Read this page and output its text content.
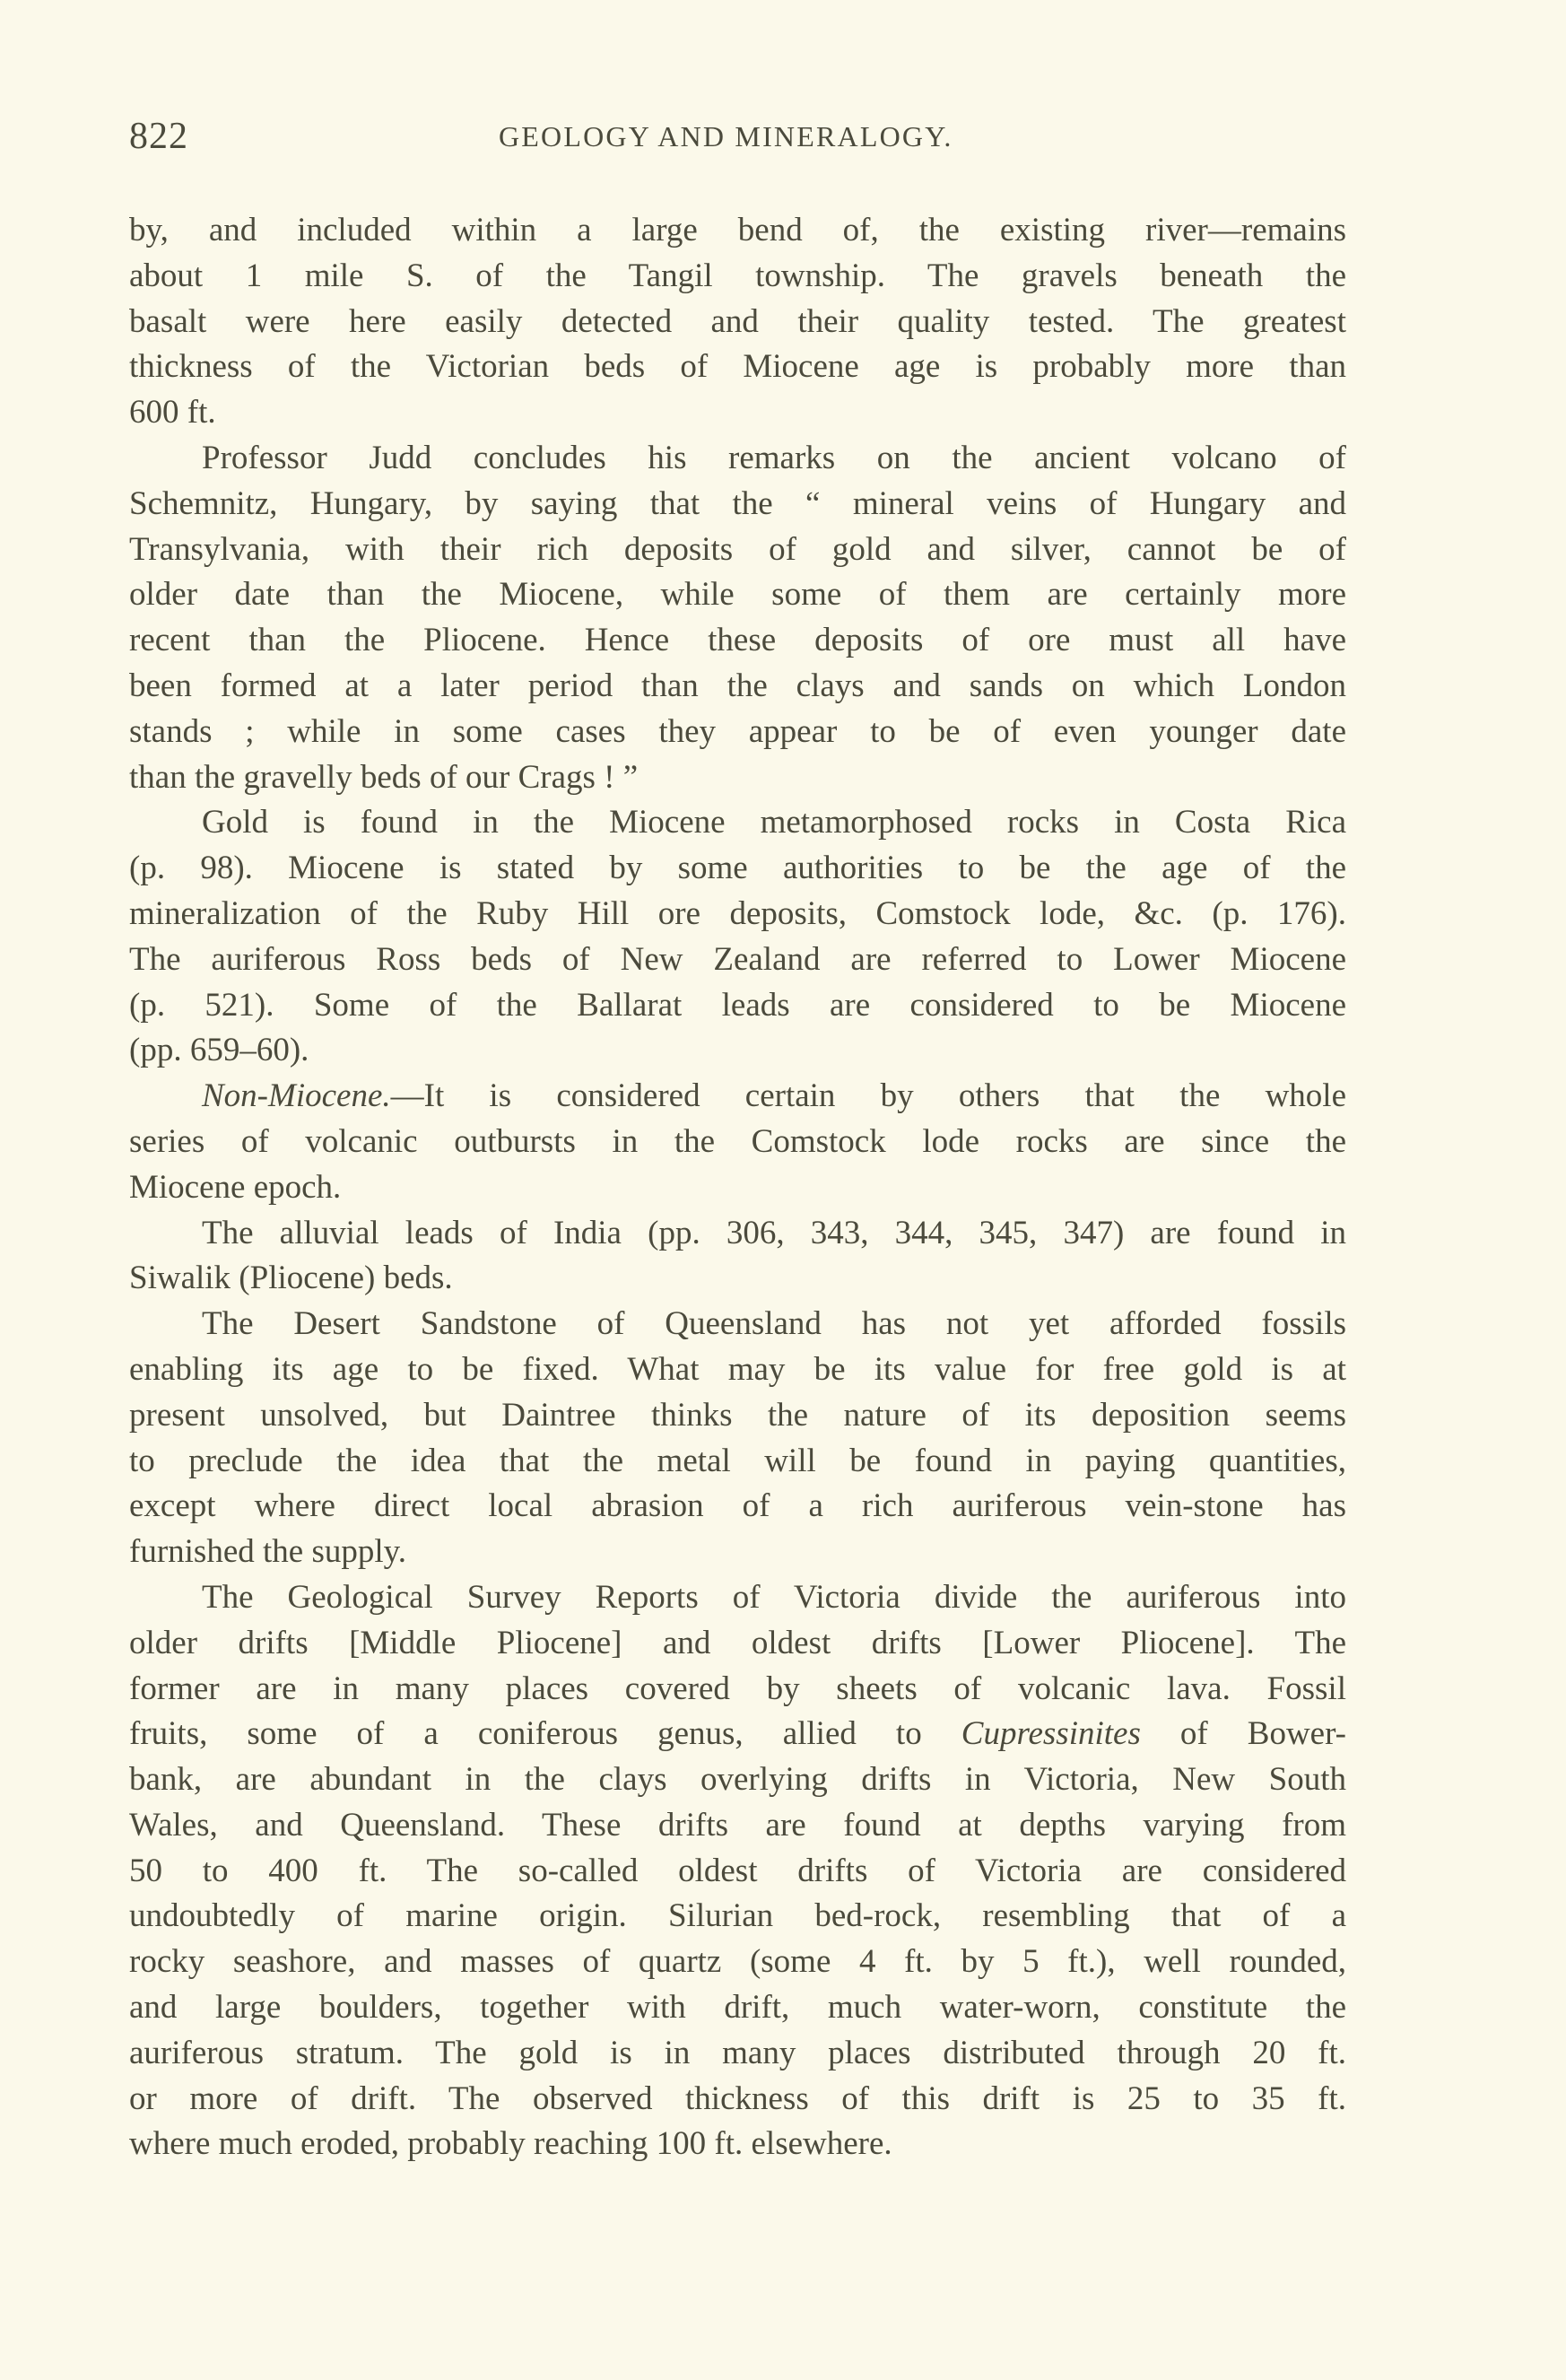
822	GEOLOGY AND MINERALOGY.
by, and included within a large bend of, the existing river—remains
about 1 mile S. of the Tangil township. The gravels beneath the
basalt were here easily detected and their quality tested. The greatest
thickness of the Victorian beds of Miocene age is probably more than
600 ft.
Professor Judd concludes his remarks on the ancient volcano of
Schemnitz, Hungary, by saying that the “ mineral veins of Hungary and
Transylvania, with their rich deposits of gold and silver, cannot be of
older date than the Miocene, while some of them are certainly more
recent than the Pliocene. Hence these deposits of ore must all have
been formed at a later period than the clays and sands on which London
stands ; while in some cases they appear to be of even younger date
than the gravelly beds of our Crags ! ”
Gold is found in the Miocene metamorphosed rocks in Costa Rica
(p. 98). Miocene is stated by some authorities to be the age of the
mineralization of the Ruby Hill ore deposits, Comstock lode, &c. (p. 176).
The auriferous Ross beds of New Zealand are referred to Lower Miocene
(p. 521). Some of the Ballarat leads are considered to be Miocene
(pp. 659–60).
Non-Miocene.—It is considered certain by others that the whole
series of volcanic outbursts in the Comstock lode rocks are since the
Miocene epoch.
The alluvial leads of India (pp. 306, 343, 344, 345, 347) are found in
Siwalik (Pliocene) beds.
The Desert Sandstone of Queensland has not yet afforded fossils
enabling its age to be fixed. What may be its value for free gold is at
present unsolved, but Daintree thinks the nature of its deposition seems
to preclude the idea that the metal will be found in paying quantities,
except where direct local abrasion of a rich auriferous vein-stone has
furnished the supply.
The Geological Survey Reports of Victoria divide the auriferous into
older drifts [Middle Pliocene] and oldest drifts [Lower Pliocene]. The
former are in many places covered by sheets of volcanic lava. Fossil
fruits, some of a coniferous genus, allied to Cupressinites of Bower-
bank, are abundant in the clays overlying drifts in Victoria, New South
Wales, and Queensland. These drifts are found at depths varying from
50 to 400 ft. The so-called oldest drifts of Victoria are considered
undoubtedly of marine origin. Silurian bed-rock, resembling that of a
rocky seashore, and masses of quartz (some 4 ft. by 5 ft.), well rounded,
and large boulders, together with drift, much water-worn, constitute the
auriferous stratum. The gold is in many places distributed through 20 ft.
or more of drift. The observed thickness of this drift is 25 to 35 ft.
where much eroded, probably reaching 100 ft. elsewhere.
